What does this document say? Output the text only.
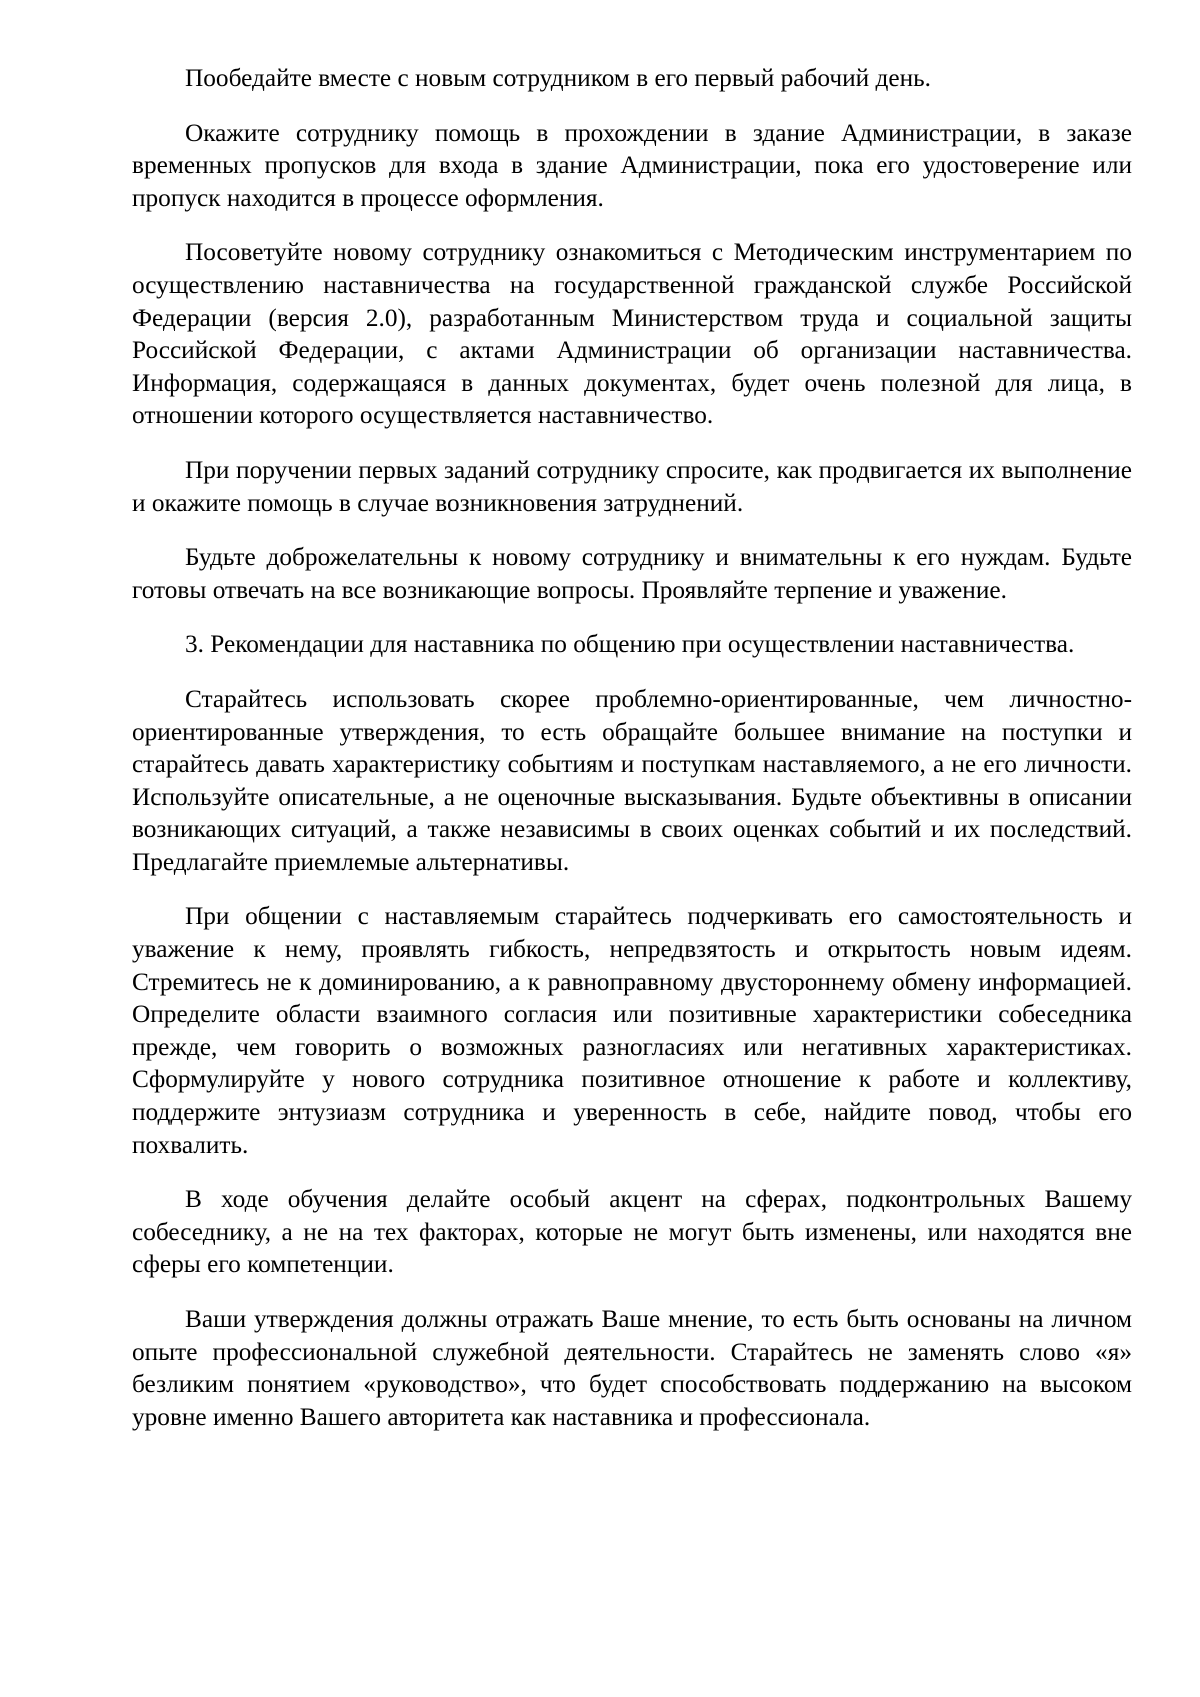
Пообедайте вместе с новым сотрудником в его первый рабочий день.

Окажите сотруднику помощь в прохождении в здание Администрации, в заказе временных пропусков для входа в здание Администрации, пока его удостоверение или пропуск находится в процессе оформления.

Посоветуйте новому сотруднику ознакомиться с Методическим инструментарием по осуществлению наставничества на государственной гражданской службе Российской Федерации (версия 2.0), разработанным Министерством труда и социальной защиты Российской Федерации, с актами Администрации об организации наставничества. Информация, содержащаяся в данных документах, будет очень полезной для лица, в отношении которого осуществляется наставничество.

При поручении первых заданий сотруднику спросите, как продвигается их выполнение и окажите помощь в случае возникновения затруднений.

Будьте доброжелательны к новому сотруднику и внимательны к его нуждам. Будьте готовы отвечать на все возникающие вопросы. Проявляйте терпение и уважение.

3. Рекомендации для наставника по общению при осуществлении наставничества.

Старайтесь использовать скорее проблемно-ориентированные, чем личностно-ориентированные утверждения, то есть обращайте большее внимание на поступки и старайтесь давать характеристику событиям и поступкам наставляемого, а не его личности. Используйте описательные, а не оценочные высказывания. Будьте объективны в описании возникающих ситуаций, а также независимы в своих оценках событий и их последствий. Предлагайте приемлемые альтернативы.

При общении с наставляемым старайтесь подчеркивать его самостоятельность и уважение к нему, проявлять гибкость, непредвзятость и открытость новым идеям. Стремитесь не к доминированию, а к равноправному двустороннему обмену информацией. Определите области взаимного согласия или позитивные характеристики собеседника прежде, чем говорить о возможных разногласиях или негативных характеристиках. Сформулируйте у нового сотрудника позитивное отношение к работе и коллективу, поддержите энтузиазм сотрудника и уверенность в себе, найдите повод, чтобы его похвалить.

В ходе обучения делайте особый акцент на сферах, подконтрольных Вашему собеседнику, а не на тех факторах, которые не могут быть изменены, или находятся вне сферы его компетенции.

Ваши утверждения должны отражать Ваше мнение, то есть быть основаны на личном опыте профессиональной служебной деятельности. Старайтесь не заменять слово «я» безликим понятием «руководство», что будет способствовать поддержанию на высоком уровне именно Вашего авторитета как наставника и профессионала.
